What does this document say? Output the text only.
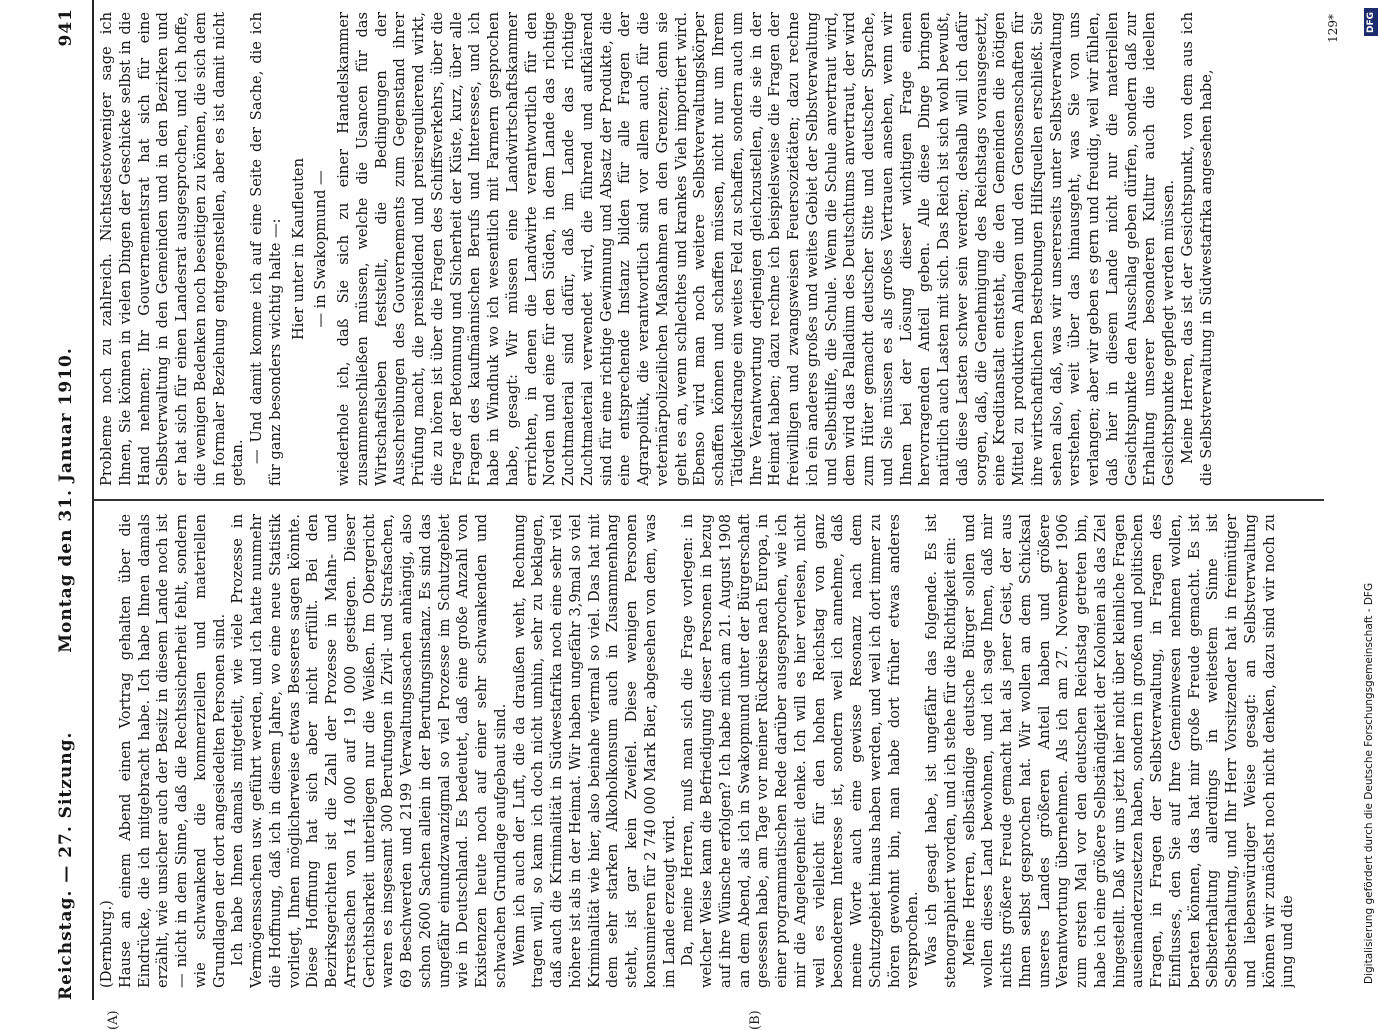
Reichstag. — 27. Sitzung.
Montag den 31. Januar 1910.
941
(A)	(B)

(Dernburg.) Hause an einem Abend einen Vortrag gehalten über die Eindrücke, die ich mitgebracht habe. Ich habe Ihnen damals erzählt, wie unsicher auch der Besitz in diesem Lande noch ist — nicht in dem Sinne, daß die Rechtssicherheit fehlt, sondern wie schwankend die kommerziellen und materiellen Grundlagen der dort angesiedelten Personen sind. Ich habe Ihnen damals mitgeteilt, wie viele Prozesse in Vermögenssachen usw. geführt werden, und ich hatte nunmehr die Hoffnung, daß ich in diesem Jahre, wo eine neue Statistik vorliegt, Ihnen möglicherweise etwas Besseres sagen könnte. Diese Hoffnung hat sich aber nicht erfüllt. Bei den Bezirksgerichten ist die Zahl der Prozesse in Mahn- und Arrestsachen von 14 000 auf 19 000 gestiegen. Dieser Gerichtsbarkeit unterliegen nur die Weißen. Im Obergericht waren es insgesamt 300 Berufungen in Zivil- und Strafsachen, 69 Beschwerden und 2199 Verwaltungssachen anhängig, also schon 2600 Sachen allein in der Berufungsinstanz. Es sind das ungefähr einundzwanzigmal so viel Prozesse im Schutzgebiet wie in Deutschland. Es bedeutet, daß eine große Anzahl von Existenzen heute noch auf einer sehr schwankenden und schwachen Grundlage aufgebaut sind. Wenn ich auch der Luft, die da draußen weht, Rechnung tragen will, so kann ich doch nicht umhin, sehr zu beklagen, daß auch die Kriminalität in Südwestafrika noch eine sehr viel höhere ist als in der Heimat. Wir haben ungefähr 3,9mal so viel Kriminalität wie hier, also beinahe viermal so viel. Das hat mit dem sehr starken Alkoholkonsum auch in Zusammenhang steht, ist gar kein Zweifel. Diese wenigen Personen konsumieren für 2 740 000 Mark Bier, abgesehen von dem, was im Lande erzeugt wird. Da, meine Herren, muß man sich die Frage vorlegen: in welcher Weise kann die Befriedigung dieser Personen in bezug auf ihre Wünsche erfolgen? Ich habe mich am 21. August 1908 an dem Abend, als ich in Swakopmund unter der Bürgerschaft gesessen habe, am Tage vor meiner Rückreise nach Europa, in einer programmatischen Rede darüber ausgesprochen, wie ich mir die Angelegenheit denke. Ich will es hier verlesen, nicht weil es vielleicht für den hohen Reichstag von ganz besonderem Interesse ist, sondern weil ich annehme, daß meine Worte auch eine gewisse Resonanz nach dem Schutzgebiet hinaus haben werden, und weil ich dort immer zu hören gewohnt bin, man habe dort früher etwas anderes versprochen. Was ich gesagt habe, ist ungefähr das folgende. Es ist stenographiert worden, und ich stehe für die Richtigkeit ein: Meine Herren, selbständige deutsche Bürger sollen und wollen dieses Land bewohnen, und ich sage Ihnen, daß mir nichts größere Freude gemacht hat als jener Geist, der aus Ihnen selbst gesprochen hat. Wir wollen an dem Schicksal unseres Landes größeren Anteil haben und größere Verantwortung übernehmen. Als ich am 27. November 1906 zum ersten Mal vor den deutschen Reichstag getreten bin, habe ich eine größere Selbständigkeit der Kolonien als das Ziel hingestellt. Daß wir uns jetzt hier nicht über kleinliche Fragen auseinanderzusetzen haben, sondern in großen und politischen Fragen, in Fragen der Selbstverwaltung, in Fragen des Einflusses, den Sie auf Ihre Gemeinwesen nehmen wollen, beraten können, das hat mir große Freude gemacht. Es ist Selbsterhaltung allerdings in weitestem Sinne ist Selbsterhaltung, und Ihr Herr Vorsitzender hat in freimütiger und liebenswürdiger Weise gesagt: an Selbstverwaltung können wir zunächst noch nicht denken, dazu sind wir noch zu jung und die

Probleme noch zu zahlreich. Nichtsdestoweniger sage ich Ihnen, Sie können in vielen Dingen der Geschicke selbst in die Hand nehmen; Ihr Gouvernementsrat hat sich für eine Selbstverwaltung in den Gemeinden und in den Bezirken und er hat sich für einen Landesrat ausgesprochen, und ich hoffe, die wenigen Bedenken noch beseitigen zu können, die sich dem in formaler Beziehung entgegenstellen, aber es ist damit nicht getan. — Und damit komme ich auf eine Seite der Sache, die ich für ganz besonders wichtig halte —: Hier unter in Kaufleuten — in Swakopmund — wiederhole ich, daß Sie sich zu einer Handelskammer zusammenschließen müssen, welche die Usancen für das Wirtschaftsleben feststellt, die Bedingungen der Ausschreibungen des Gouvernements zum Gegenstand ihrer Prüfung macht, die preisbildend und preisregulierend wirkt, die zu hören ist über die Fragen des Schiffsverkehrs, über die Frage der Betonnung und Sicherheit der Küste, kurz, über alle Fragen des kaufmännischen Berufs und Interesses, und ich habe in Windhuk wo ich wesentlich mit Farmern gesprochen habe, gesagt: Wir müssen eine Landwirtschaftskammer errichten, in denen die Landwirte verantwortlich für den Norden und eine für den Süden, in dem Lande das richtige Zuchtmaterial sind dafür, daß im Lande das richtige Zuchtmaterial verwendet wird, die führend und aufklärend sind für eine richtige Gewinnung und Absatz der Produkte, die eine entsprechende Instanz bilden für alle Fragen der Agrarpolitik, die verantwortlich sind vor allem auch für die veterinärpolizeilichen Maßnahmen an den Grenzen; denn sie geht es an, wenn schlechtes und krankes Vieh importiert wird. Ebenso wird man noch weitere Selbstverwaltungskörper schaffen können und schaffen müssen, nicht nur um Ihrem Tätigkeitsdrange ein weites Feld zu schaffen, sondern auch um Ihre Verantwortung derjenigen gleichzustellen, die sie in der Heimat haben; dazu rechne ich beispielsweise die Fragen der freiwilligen und zwangsweisen Feuersozietäten; dazu rechne ich ein anderes großes und weites Gebiet der Selbstverwaltung und Selbsthilfe, die Schule. Wenn die Schule anvertraut wird, dem wird das Palladium des Deutschtums anvertraut, der wird zum Hüter gemacht deutscher Sitte und deutscher Sprache, und Sie müssen es als großes Vertrauen ansehen, wenn wir Ihnen bei der Lösung dieser wichtigen Frage einen hervorragenden Anteil geben. Alle diese Dinge bringen natürlich auch Lasten mit sich. Das Reich ist sich wohl bewußt, daß diese Lasten schwer sein werden; deshalb will ich dafür sorgen, daß, die Genehmigung des Reichstags vorausgesetzt, eine Kreditanstalt entsteht, die den Gemeinden die nötigen Mittel zu produktiven Anlagen und den Genossenschaften für ihre wirtschaftlichen Bestrebungen Hilfsquellen erschließt. Sie sehen also, daß, was wir unsererseits unter Selbstverwaltung verstehen, weit über das hinausgeht, was Sie von uns verlangen; aber wir geben es gern und freudig, weil wir fühlen, daß hier in diesem Lande nicht nur die materiellen Gesichtspunkte den Ausschlag geben dürfen, sondern daß zur Erhaltung unserer besonderen Kultur auch die ideellen Gesichtspunkte gepflegt werden müssen. Meine Herren, das ist der Gesichtspunkt, von dem aus ich die Selbstverwaltung in Südwestafrika angesehen habe,

129*	DFG
Digitalisierung gefördert durch die Deutsche Forschungsgemeinschaft - DFG
